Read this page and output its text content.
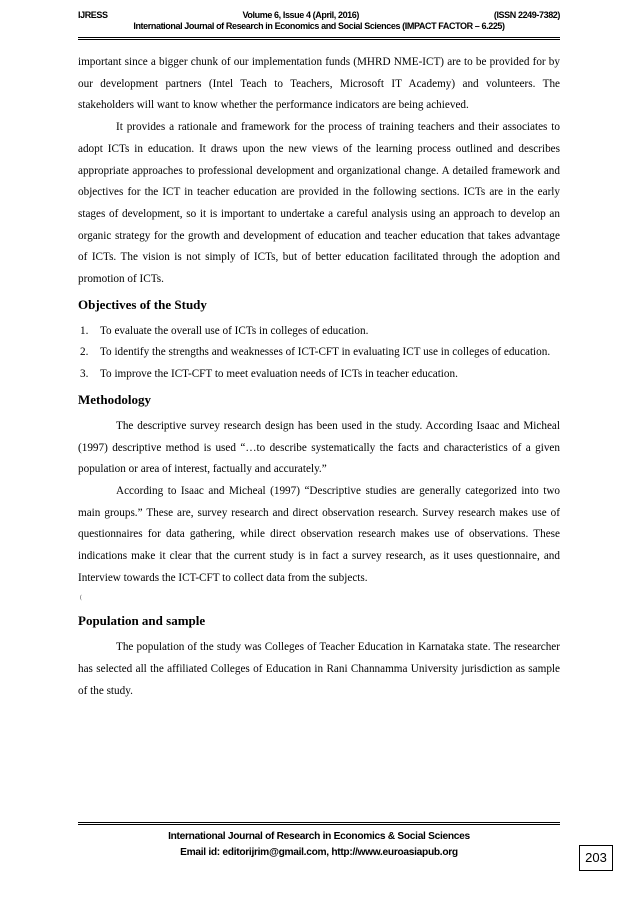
IJRESS	Volume 6, Issue 4 (April, 2016)	(ISSN 2249-7382)
International Journal of Research in Economics and Social Sciences (IMPACT FACTOR – 6.225)

important since a bigger chunk of our implementation funds (MHRD NME-ICT) are to be provided for by our development partners (Intel Teach to Teachers, Microsoft IT Academy) and volunteers. The stakeholders will want to know whether the performance indicators are being achieved.

It provides a rationale and framework for the process of training teachers and their associates to adopt ICTs in education. It draws upon the new views of the learning process outlined and describes appropriate approaches to professional development and organizational change. A detailed framework and objectives for the ICT in teacher education are provided in the following sections. ICTs are in the early stages of development, so it is important to undertake a careful analysis using an approach to develop an organic strategy for the growth and development of education and teacher education that takes advantage of ICTs. The vision is not simply of ICTs, but of better education facilitated through the adoption and promotion of ICTs.

Objectives of the Study
1.	To evaluate the overall use of ICTs in colleges of education.
2.	To identify the strengths and weaknesses of ICT-CFT in evaluating ICT use in colleges of education.
3.	To improve the ICT-CFT to meet evaluation needs of ICTs in teacher education.
Methodology

The descriptive survey research design has been used in the study. According Isaac and Micheal (1997) descriptive method is used “…to describe systematically the facts and characteristics of a given population or area of interest, factually and accurately.”

According to Isaac and Micheal (1997) “Descriptive studies are generally categorized into two main groups.” These are, survey research and direct observation research. Survey research makes use of questionnaires for data gathering, while direct observation research makes use of observations. These indications make it clear that the current study is in fact a survey research, as it uses questionnaire, and Interview towards the ICT-CFT to collect data from the subjects.

(
Population and sample

The population of the study was Colleges of Teacher Education in Karnataka state. The researcher has selected all the affiliated Colleges of Education in Rani Channamma University jurisdiction as sample of the study.

International Journal of Research in Economics & Social Sciences
Email id: editorijrim@gmail.com, http://www.euroasiapub.org	203
